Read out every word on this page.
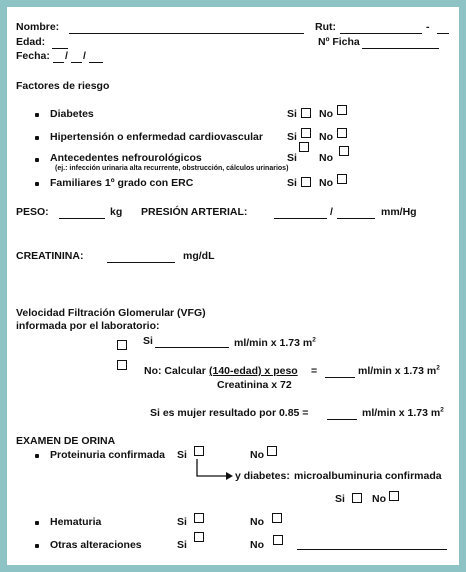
Nombre:	Rut:	-
Edad:	Nº Ficha
Fecha: / /
Factores de riesgo
Diabetes	Si No
Hipertensión o enfermedad cardiovascular Si No
Antecedentes nefrourológicos
(ej.: infección urinaria alta recurrente, obstrucción, cálculos urinarios)
Si No
Familiares 1º grado con ERC	Si No
PESO:	kg PRESIÓN ARTERIAL:	/	mm/Hg
CREATININA:	mg/dL
Velocidad Filtración Glomerular (VFG)
informada por el laboratorio:
Si	ml/min x 1.73 $m^2$
No: Calcular (140-edad) x peso =
Creatinina x 72
ml/min x 1.73 $m^2$
Si es mujer resultado por 0.85 =	ml/min x 1.73 $m^2$
EXAMEN DE ORINA
Proteinuria confirmada Si	No
y diabetes: microalbuminuria confirmada
Si	No
Hematuria	Si	No
Otras alteraciones	Si	No
